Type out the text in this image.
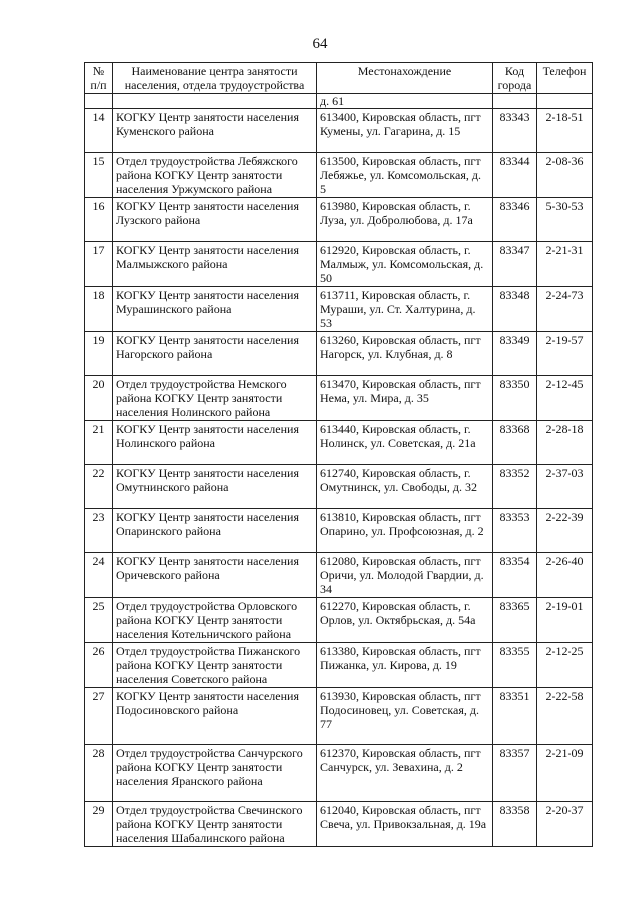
64
№ п/п	Наименование центра занятости населения, отдела трудоустройства	Местонахождение	Код города	Телефон
		д. 61		
14	КОГКУ Центр занятости населения Куменского района	613400, Кировская область, пгт Кумены, ул. Гагарина, д. 15	83343	2-18-51
15	Отдел трудоустройства Лебяжского района КОГКУ Центр занятости населения Уржумского района	613500, Кировская область, пгт Лебяжье, ул. Комсомольская, д. 5	83344	2-08-36
16	КОГКУ Центр занятости населения Лузского района	613980, Кировская область, г. Луза, ул. Добролюбова, д. 17а	83346	5-30-53
17	КОГКУ Центр занятости населения Малмыжского района	612920, Кировская область, г. Малмыж, ул. Комсомольская, д. 50	83347	2-21-31
18	КОГКУ Центр занятости населения Мурашинского района	613711, Кировская область, г. Мураши, ул. Ст. Халтурина, д. 53	83348	2-24-73
19	КОГКУ Центр занятости населения Нагорского района	613260, Кировская область, пгт Нагорск, ул. Клубная, д. 8	83349	2-19-57
20	Отдел трудоустройства Немского района КОГКУ Центр занятости населения Нолинского района	613470, Кировская область, пгт Нема, ул. Мира, д. 35	83350	2-12-45
21	КОГКУ Центр занятости населения Нолинского района	613440, Кировская область, г. Нолинск, ул. Советская, д. 21а	83368	2-28-18
22	КОГКУ Центр занятости населения Омутнинского района	612740, Кировская область, г. Омутнинск, ул. Свободы, д. 32	83352	2-37-03
23	КОГКУ Центр занятости населения Опаринского района	613810, Кировская область, пгт Опарино, ул. Профсоюзная, д. 2	83353	2-22-39
24	КОГКУ Центр занятости населения Оричевского района	612080, Кировская область, пгт Оричи, ул. Молодой Гвардии, д. 34	83354	2-26-40
25	Отдел трудоустройства Орловского района КОГКУ Центр занятости населения Котельничского района	612270, Кировская область, г. Орлов, ул. Октябрьская, д. 54а	83365	2-19-01
26	Отдел трудоустройства Пижанского района КОГКУ Центр занятости населения Советского района	613380, Кировская область, пгт Пижанка, ул. Кирова, д. 19	83355	2-12-25
27	КОГКУ Центр занятости населения Подосиновского района	613930, Кировская область, пгт Подосиновец, ул. Советская, д. 77	83351	2-22-58
28	Отдел трудоустройства Санчурского района КОГКУ Центр занятости населения Яранского района	612370, Кировская область, пгт Санчурск, ул. Зевахина, д. 2	83357	2-21-09
29	Отдел трудоустройства Свечинского района КОГКУ Центр занятости населения Шабалинского района	612040, Кировская область, пгт Свеча, ул. Привокзальная, д. 19а	83358	2-20-37
